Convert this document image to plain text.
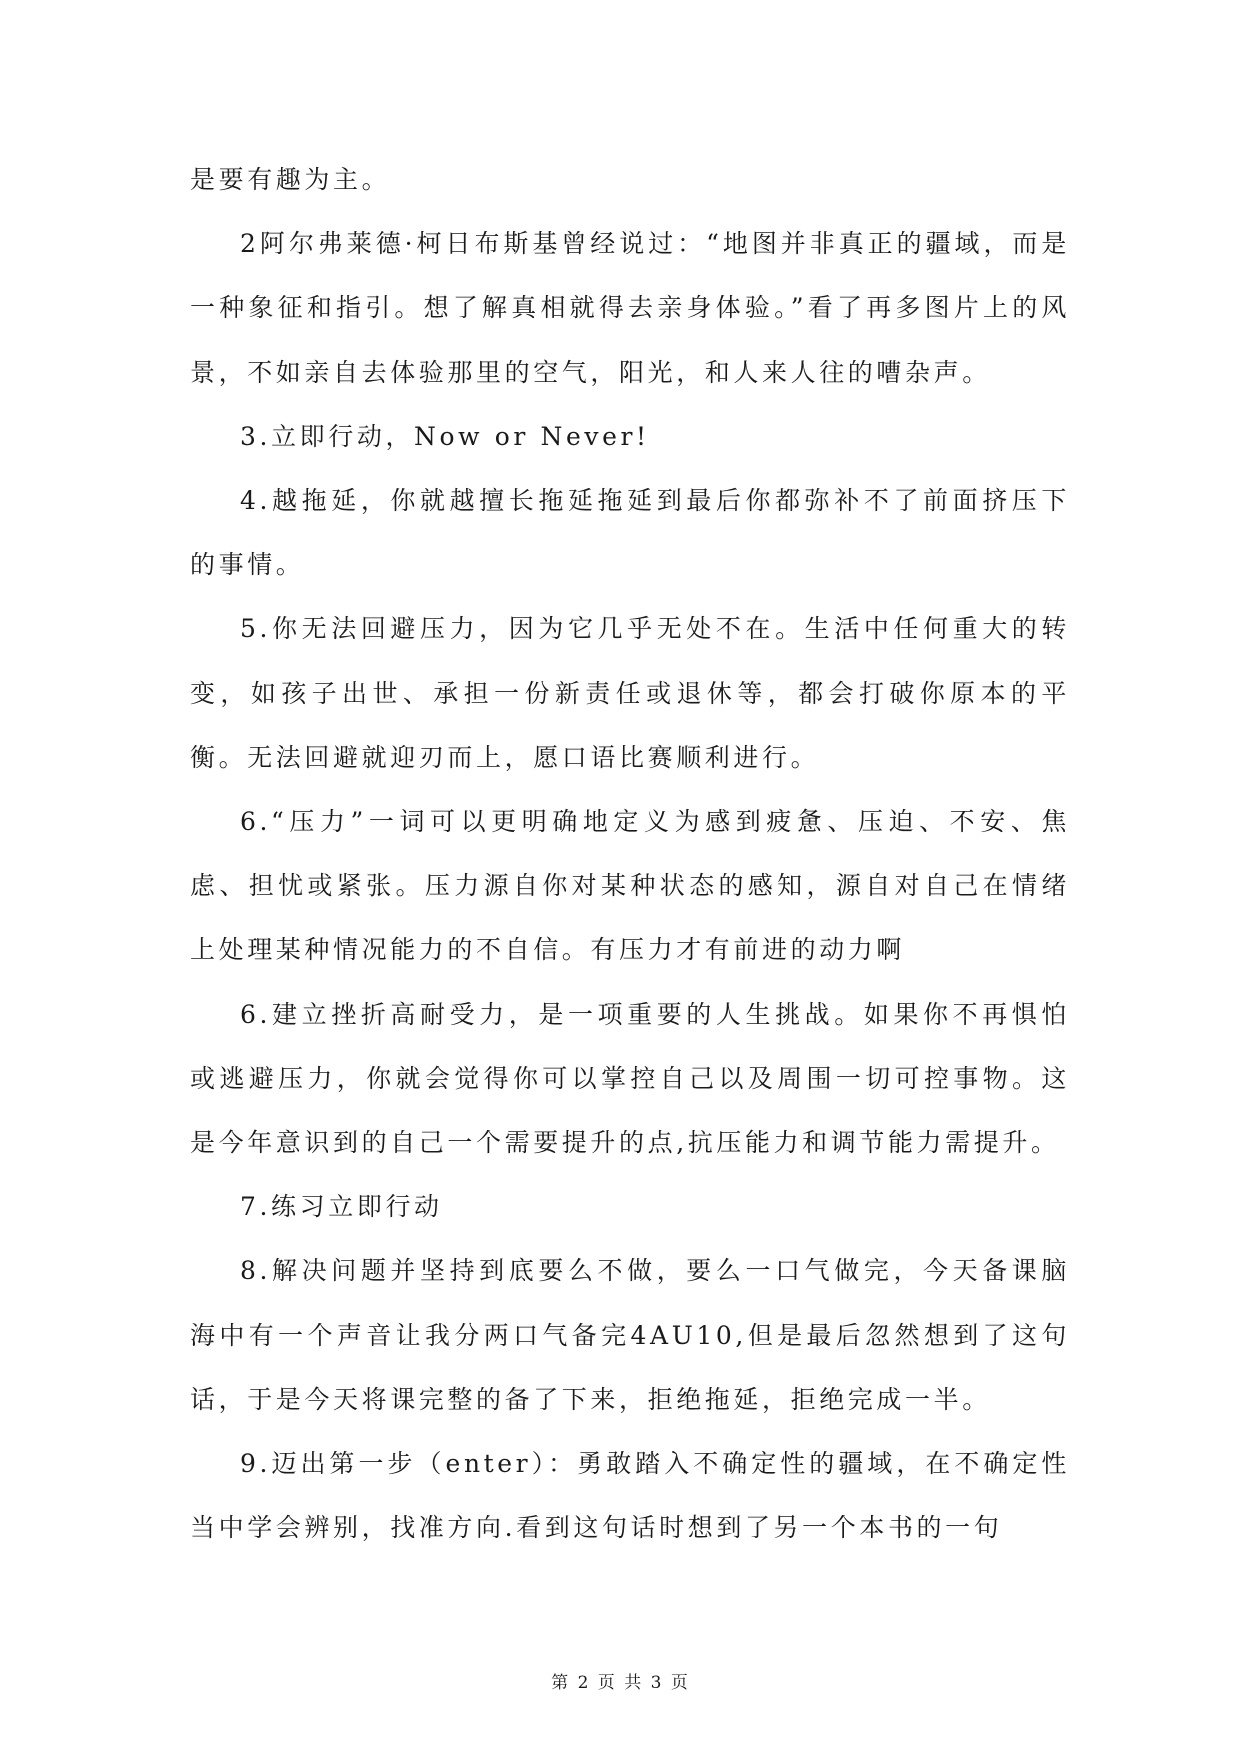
是要有趣为主。

2阿尔弗莱德·柯日布斯基曾经说过：“地图并非真正的疆域，而是一种象征和指引。想了解真相就得去亲身体验。”看了再多图片上的风景，不如亲自去体验那里的空气，阳光，和人来人往的嘈杂声。

3.立即行动，Now or Never!

4.越拖延，你就越擅长拖延拖延到最后你都弥补不了前面挤压下的事情。

5.你无法回避压力，因为它几乎无处不在。生活中任何重大的转变，如孩子出世、承担一份新责任或退休等，都会打破你原本的平衡。无法回避就迎刃而上，愿口语比赛顺利进行。

6.“压力”一词可以更明确地定义为感到疲惫、压迫、不安、焦虑、担忧或紧张。压力源自你对某种状态的感知，源自对自己在情绪上处理某种情况能力的不自信。有压力才有前进的动力啊

6.建立挫折高耐受力，是一项重要的人生挑战。如果你不再惧怕或逃避压力，你就会觉得你可以掌控自己以及周围一切可控事物。这是今年意识到的自己一个需要提升的点,抗压能力和调节能力需提升。

7.练习立即行动

8.解决问题并坚持到底要么不做，要么一口气做完，今天备课脑海中有一个声音让我分两口气备完4AU10,但是最后忽然想到了这句话，于是今天将课完整的备了下来，拒绝拖延，拒绝完成一半。

9.迈出第一步（enter）：勇敢踏入不确定性的疆域，在不确定性当中学会辨别，找准方向.看到这句话时想到了另一个本书的一句

第 2 页 共 3 页
